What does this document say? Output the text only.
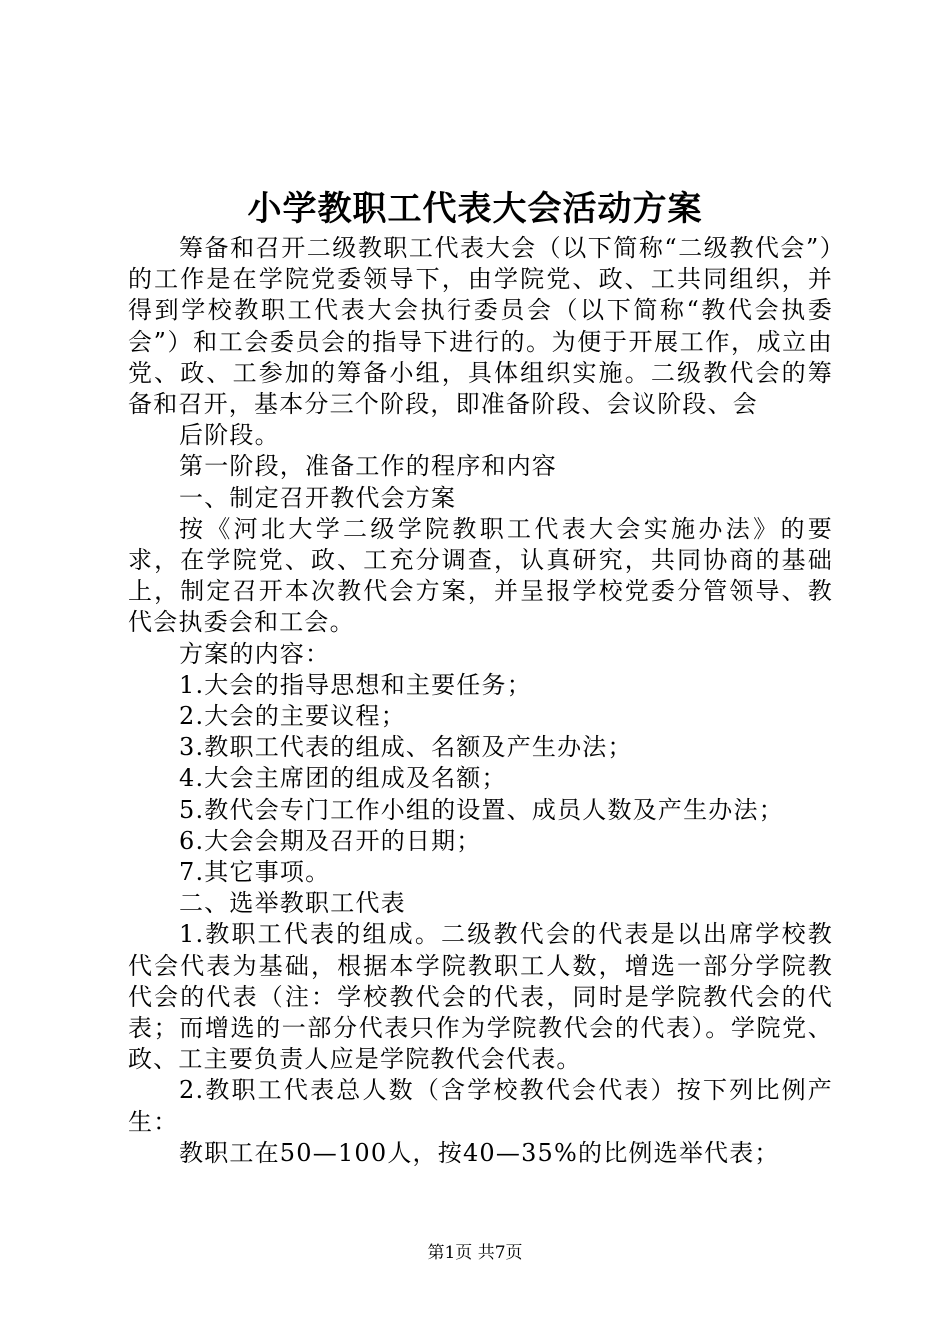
小学教职工代表大会活动方案

筹备和召开二级教职工代表大会（以下简称“二级教代会”）的工作是在学院党委领导下，由学院党、政、工共同组织，并得到学校教职工代表大会执行委员会（以下简称“教代会执委会”）和工会委员会的指导下进行的。为便于开展工作，成立由党、政、工参加的筹备小组，具体组织实施。二级教代会的筹备和召开，基本分三个阶段，即准备阶段、会议阶段、会

后阶段。

第一阶段，准备工作的程序和内容

一、制定召开教代会方案

按《河北大学二级学院教职工代表大会实施办法》的要求，在学院党、政、工充分调查，认真研究，共同协商的基础上，制定召开本次教代会方案，并呈报学校党委分管领导、教代会执委会和工会。

方案的内容：

1.大会的指导思想和主要任务；

2.大会的主要议程；

3.教职工代表的组成、名额及产生办法；

4.大会主席团的组成及名额；

5.教代会专门工作小组的设置、成员人数及产生办法；

6.大会会期及召开的日期；

7.其它事项。

二、选举教职工代表

1.教职工代表的组成。二级教代会的代表是以出席学校教代会代表为基础，根据本学院教职工人数，增选一部分学院教代会的代表（注：学校教代会的代表，同时是学院教代会的代表；而增选的一部分代表只作为学院教代会的代表）。学院党、政、工主要负责人应是学院教代会代表。

2.教职工代表总人数（含学校教代会代表）按下列比例产生：

教职工在50—100人，按40—35%的比例选举代表；

第1页 共7页
